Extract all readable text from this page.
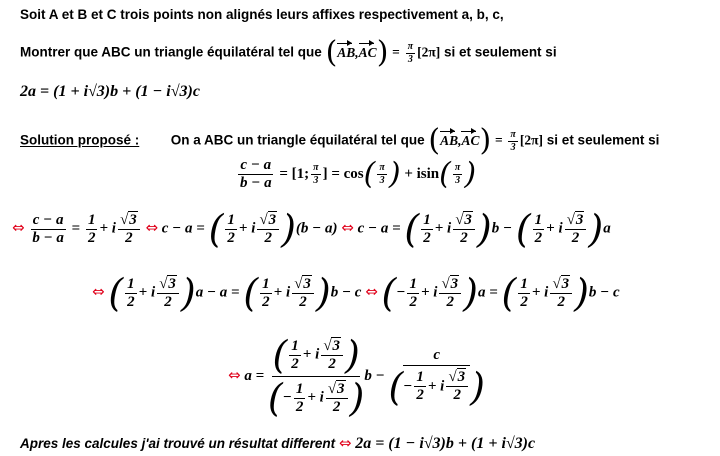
Soit A et B et C trois points non alignés leurs affixes respectivement a, b, c,
Montrer que ABC un triangle équilatéral tel que $(AB,AC) = \frac{\pi}{3} [2\pi]$ si et seulement si
2a = (1 + i√3)b + (1 − i√3)c
Solution proposé : On a ABC un triangle équilatéral tel que $(AB,AC) = \frac{\pi}{3} [2\pi]$ si et seulement si
$\frac{c - a}{b - a} = [1$; $\frac{\pi}{3}$ ] = $\cos( \frac{\pi}{3}$ ) + $isin( \frac{\pi}{3}$ )
⇔ $\frac{c - a}{b - a} = \frac{1}{2} + i \frac{√3}{2}$ ⇔ c − a = ( $\frac{1}{2} + i \frac{√3}{2} )(b - a)$ ⇔ c − a = ( $\frac{1}{2} + i \frac{√3}{2} )b$ − ( $\frac{1}{2} + i \frac{√3}{2} )a$
⇔ ( $\frac{1}{2} + i \frac{√3}{2} )a - a$ = ( $\frac{1}{2} + i \frac{√3}{2} )b - c$ ⇔ (− $\frac{1}{2} + i \frac{√3}{2} )a$ = ( $\frac{1}{2} + i \frac{√3}{2} )b - c$
⇔ $a = \frac{( \frac{1}{2} + i \frac{√3}{2} )}{(- \frac{1}{2} + i \frac{√3}{2} )}$ $b - \frac{c}{(- \frac{1}{2} + i \frac{√3}{2} )}$
Apres les calcules j'ai trouvé un résultat different ⇔ 2a = (1 − i√3)b + (1 + i√3)c
